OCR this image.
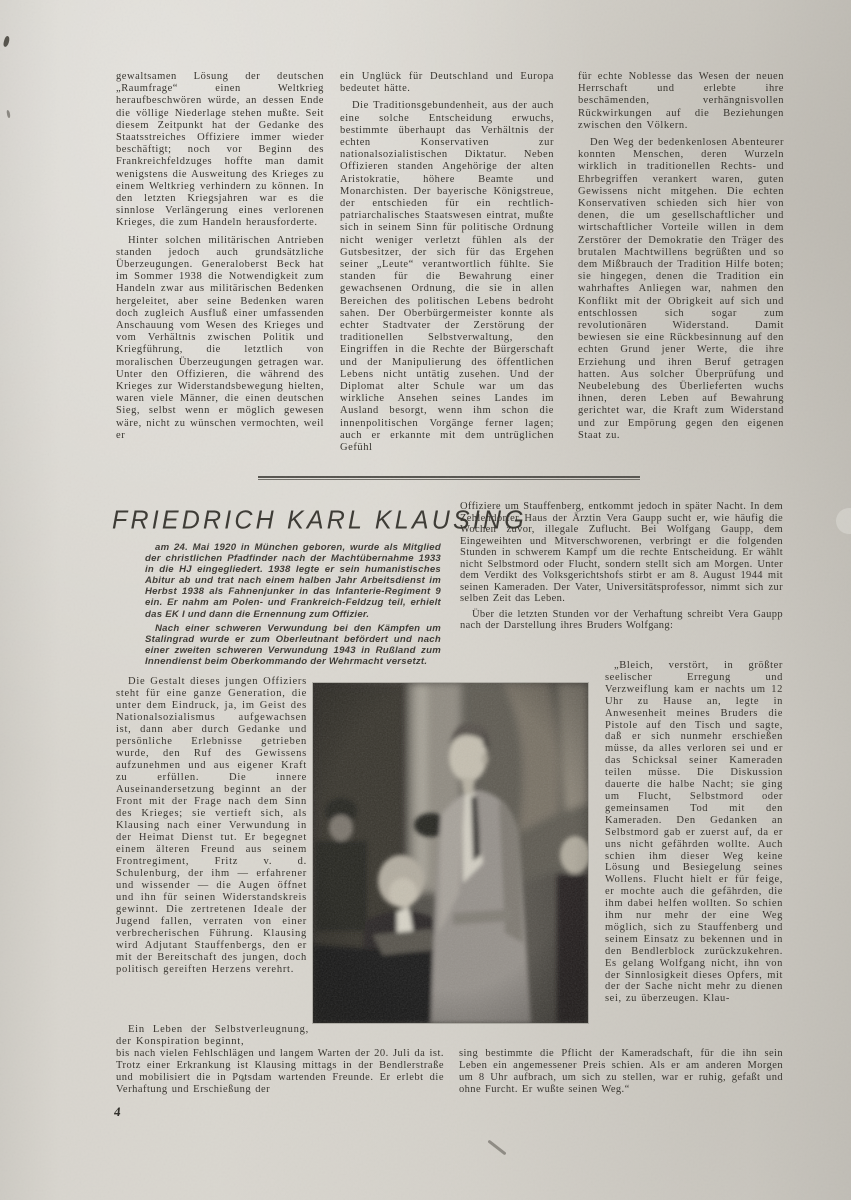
gewaltsamen Lösung der deutschen „Raumfrage“ einen Weltkrieg heraufbeschwören würde, an dessen Ende die völlige Niederlage stehen mußte. Seit diesem Zeitpunkt hat der Gedanke des Staatsstreiches Offiziere immer wieder beschäftigt; noch vor Beginn des Frankreichfeldzuges hoffte man damit wenigstens die Ausweitung des Krieges zu einem Weltkrieg verhindern zu können. In den letzten Kriegsjahren war es die sinnlose Verlängerung eines verlorenen Krieges, die zum Handeln herausforderte.

Hinter solchen militärischen Antrieben standen jedoch auch grundsätzliche Überzeugungen. Generaloberst Beck hat im Sommer 1938 die Notwendigkeit zum Handeln zwar aus militärischen Bedenken hergeleitet, aber seine Bedenken waren doch zugleich Ausfluß einer umfassenden Anschauung vom Wesen des Krieges und vom Verhältnis zwischen Politik und Kriegführung, die letztlich von moralischen Überzeugungen getragen war. Unter den Offizieren, die während des Krieges zur Widerstandsbewegung hielten, waren viele Männer, die einen deutschen Sieg, selbst wenn er möglich gewesen wäre, nicht zu wünschen vermochten, weil er

ein Unglück für Deutschland und Europa bedeutet hätte.

Die Traditionsgebundenheit, aus der auch eine solche Entscheidung erwuchs, bestimmte überhaupt das Verhältnis der echten Konservativen zur nationalsozialistischen Diktatur. Neben Offizieren standen Angehörige der alten Aristokratie, höhere Beamte und Monarchisten. Der bayerische Königstreue, der entschieden für ein rechtlich-patriarchalisches Staatswesen eintrat, mußte sich in seinem Sinn für politische Ordnung nicht weniger verletzt fühlen als der Gutsbesitzer, der sich für das Ergehen seiner „Leute“ verantwortlich fühlte. Sie standen für die Bewahrung einer gewachsenen Ordnung, die sie in allen Bereichen des politischen Lebens bedroht sahen. Der Oberbürgermeister konnte als echter Stadtvater der Zerstörung der traditionellen Selbstverwaltung, den Eingriffen in die Rechte der Bürgerschaft und der Manipulierung des öffentlichen Lebens nicht untätig zusehen. Und der Diplomat alter Schule war um das wirkliche Ansehen seines Landes im Ausland besorgt, wenn ihm schon die innenpolitischen Vorgänge ferner lagen; auch er erkannte mit dem untrüglichen Gefühl

für echte Noblesse das Wesen der neuen Herrschaft und erlebte ihre beschämenden, verhängnisvollen Rückwirkungen auf die Beziehungen zwischen den Völkern.

Den Weg der bedenkenlosen Abenteurer konnten Menschen, deren Wurzeln wirklich in traditionellen Rechts- und Ehrbegriffen verankert waren, guten Gewissens nicht mitgehen. Die echten Konservativen schieden sich hier von denen, die um gesellschaftlicher und wirtschaftlicher Vorteile willen in dem Zerstörer der Demokratie den Träger des brutalen Machtwillens begrüßten und so dem Mißbrauch der Tradition Hilfe boten; sie hingegen, denen die Tradition ein wahrhaftes Anliegen war, nahmen den Konflikt mit der Obrigkeit auf sich und entschlossen sich sogar zum revolutionären Widerstand. Damit bewiesen sie eine Rückbesinnung auf den echten Grund jener Werte, die ihre Erziehung und ihren Beruf getragen hatten. Aus solcher Überprüfung und Neubelebung des Überlieferten wuchs ihnen, deren Leben auf Bewahrung gerichtet war, die Kraft zum Widerstand und zur Empörung gegen den eigenen Staat zu.

FRIEDRICH KARL KLAUSING

am 24. Mai 1920 in München geboren, wurde als Mitglied der christlichen Pfadfinder nach der Machtübernahme 1933 in die HJ eingegliedert. 1938 legte er sein humanistisches Abitur ab und trat nach einem halben Jahr Arbeitsdienst im Herbst 1938 als Fahnenjunker in das Infanterie-Regiment 9 ein. Er nahm am Polen- und Frankreich-Feldzug teil, erhielt das EK I und dann die Ernennung zum Offizier.

Nach einer schweren Verwundung bei den Kämpfen um Stalingrad wurde er zum Oberleutnant befördert und nach einer zweiten schweren Verwundung 1943 in Rußland zum Innendienst beim Oberkommando der Wehrmacht versetzt.

Offiziere um Stauffenberg, entkommt jedoch in später Nacht. In dem Zehlendorfer Haus der Ärztin Vera Gaupp sucht er, wie häufig die Wochen zuvor, illegale Zuflucht. Bei Wolfgang Gaupp, dem Eingeweihten und Mitverschworenen, verbringt er die folgenden Stunden in schwerem Kampf um die rechte Entscheidung. Er wählt nicht Selbstmord oder Flucht, sondern stellt sich am Morgen. Unter dem Verdikt des Volksgerichtshofs stirbt er am 8. August 1944 mit seinen Kameraden. Der Vater, Universitätsprofessor, nimmt sich zur selben Zeit das Leben.

Über die letzten Stunden vor der Verhaftung schreibt Vera Gaupp nach der Darstellung ihres Bruders Wolfgang:

Die Gestalt dieses jungen Offiziers steht für eine ganze Generation, die unter dem Eindruck, ja, im Geist des Nationalsozialismus aufgewachsen ist, dann aber durch Gedanke und persönliche Erlebnisse getrieben wurde, den Ruf des Gewissens aufzunehmen und aus eigener Kraft zu erfüllen. Die innere Auseinandersetzung beginnt an der Front mit der Frage nach dem Sinn des Krieges; sie vertieft sich, als Klausing nach einer Verwundung in der Heimat Dienst tut. Er begegnet einem älteren Freund aus seinem Frontregiment, Fritz v. d. Schulenburg, der ihm — erfahrener und wissender — die Augen öffnet und ihn für seinen Widerstandskreis gewinnt. Die zertretenen Ideale der Jugend fallen, verraten von einer verbrecherischen Führung. Klausing wird Adjutant Stauffenbergs, den er mit der Bereitschaft des jungen, doch politisch gereiften Herzens verehrt.

Ein Leben der Selbstverleugnung, der Konspiration beginnt,

bis nach vielen Fehlschlägen und langem Warten der 20. Juli da ist. Trotz einer Erkrankung ist Klausing mittags in der Bendlerstraße und mobilisiert die in Potsdam wartenden Freunde. Er erlebt die Verhaftung und Erschießung der

„Bleich, verstört, in größter seelischer Erregung und Verzweiflung kam er nachts um 12 Uhr zu Hause an, legte in Anwesenheit meines Bruders die Pistole auf den Tisch und sagte, daß er sich nunmehr erschießen müsse, da alles verloren sei und er das Schicksal seiner Kameraden teilen müsse. Die Diskussion dauerte die halbe Nacht; sie ging um Flucht, Selbstmord oder gemeinsamen Tod mit den Kameraden. Den Gedanken an Selbstmord gab er zuerst auf, da er uns nicht gefährden wollte. Auch schien ihm dieser Weg keine Lösung und Besiegelung seines Wollens. Flucht hielt er für feige, er mochte auch die gefährden, die ihm dabei helfen wollten. So schien ihm nur mehr der eine Weg möglich, sich zu Stauffenberg und seinem Einsatz zu bekennen und in den Bendlerblock zurückzukehren. Es gelang Wolfgang nicht, ihn von der Sinnlosigkeit dieses Opfers, mit der der Sache nicht mehr zu dienen sei, zu überzeugen. Klau-

sing bestimmte die Pflicht der Kameradschaft, für die ihn sein Leben ein angemessener Preis schien. Als er am anderen Morgen um 8 Uhr aufbrach, um sich zu stellen, war er ruhig, gefaßt und ohne Furcht. Er wußte seinen Weg.“

4
